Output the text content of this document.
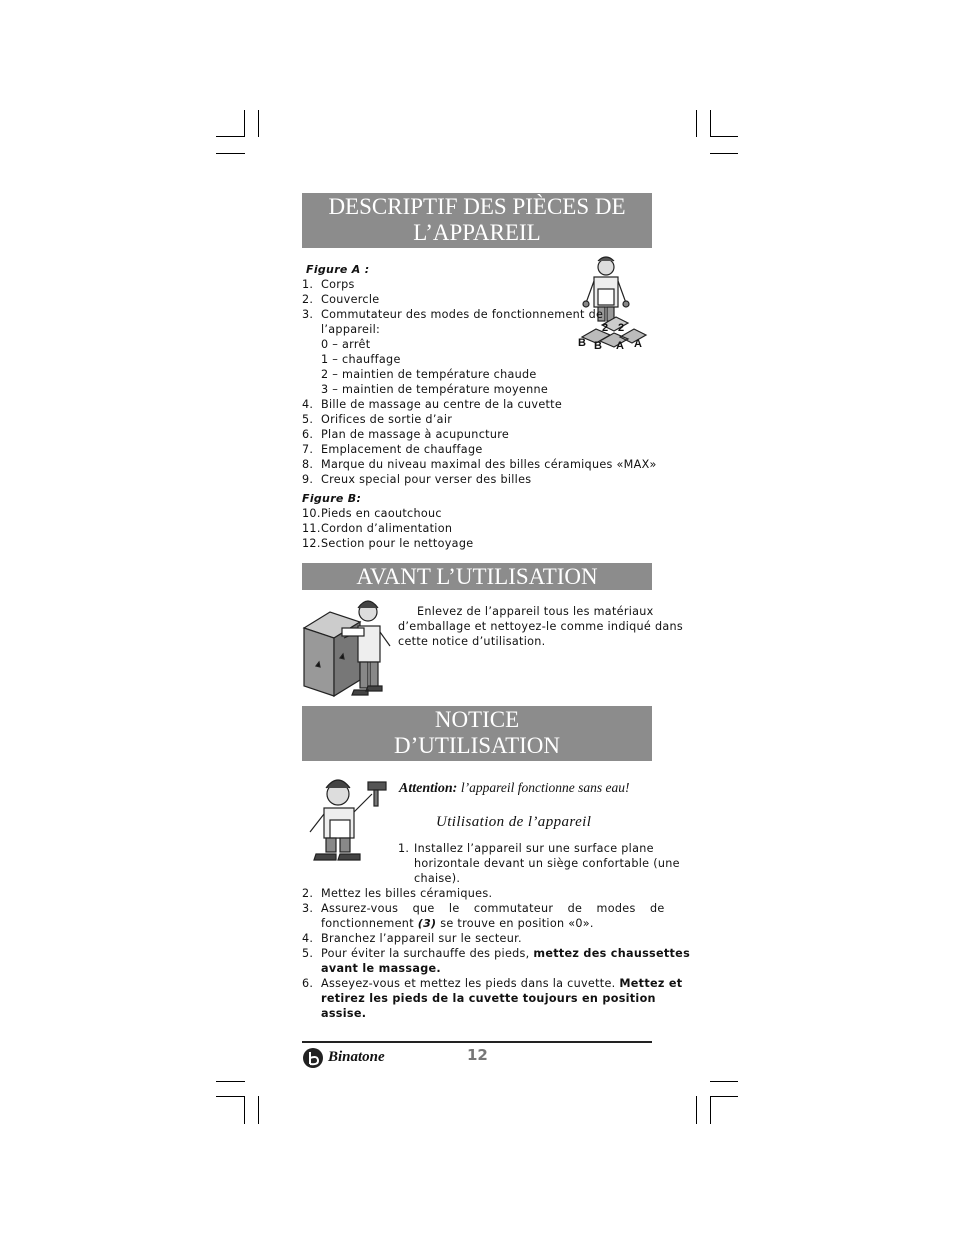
DESCRIPTIF DES PIÈCES DE
L’APPAREIL
B B A A
2 2
Figure A :
1. Corps
2. Couvercle
3. Commutateur des modes de fonctionnement de
l’appareil:
0 – arrêt
1 – chauffage
2 – maintien de température chaude
3 – maintien de température moyenne
4. Bille de massage au centre de la cuvette
5. Orifices de sortie d’air
6. Plan de massage à acupuncture
7. Emplacement de chauffage
8. Marque du niveau maximal des billes céramiques «MAX»
9. Creux special pour verser des billes
Figure B:
10.Pieds en caoutchouc
11.Cordon d’alimentation
12.Section pour le nettoyage
AVANT L’UTILISATION
Enlevez de l’appareil tous les matériaux
d’emballage et nettoyez-le comme indiqué dans
cette notice d’utilisation.
NOTICE
D’UTILISATION
Attention: l’appareil fonctionne sans eau!
Utilisation de l’appareil
1. Installez l’appareil sur une surface plane
horizontale devant un siège confortable (une
chaise).
2. Mettez les billes céramiques.
3. Assurez-vous que le commutateur de modes de
fonctionnement (3) se trouve en position «0».
4. Branchez l’appareil sur le secteur.
5. Pour éviter la surchauffe des pieds, mettez des chaussettes
avant le massage.
6. Asseyez-vous et mettez les pieds dans la cuvette. Mettez et
retirez les pieds de la cuvette toujours en position
assise.
Binatone	12
